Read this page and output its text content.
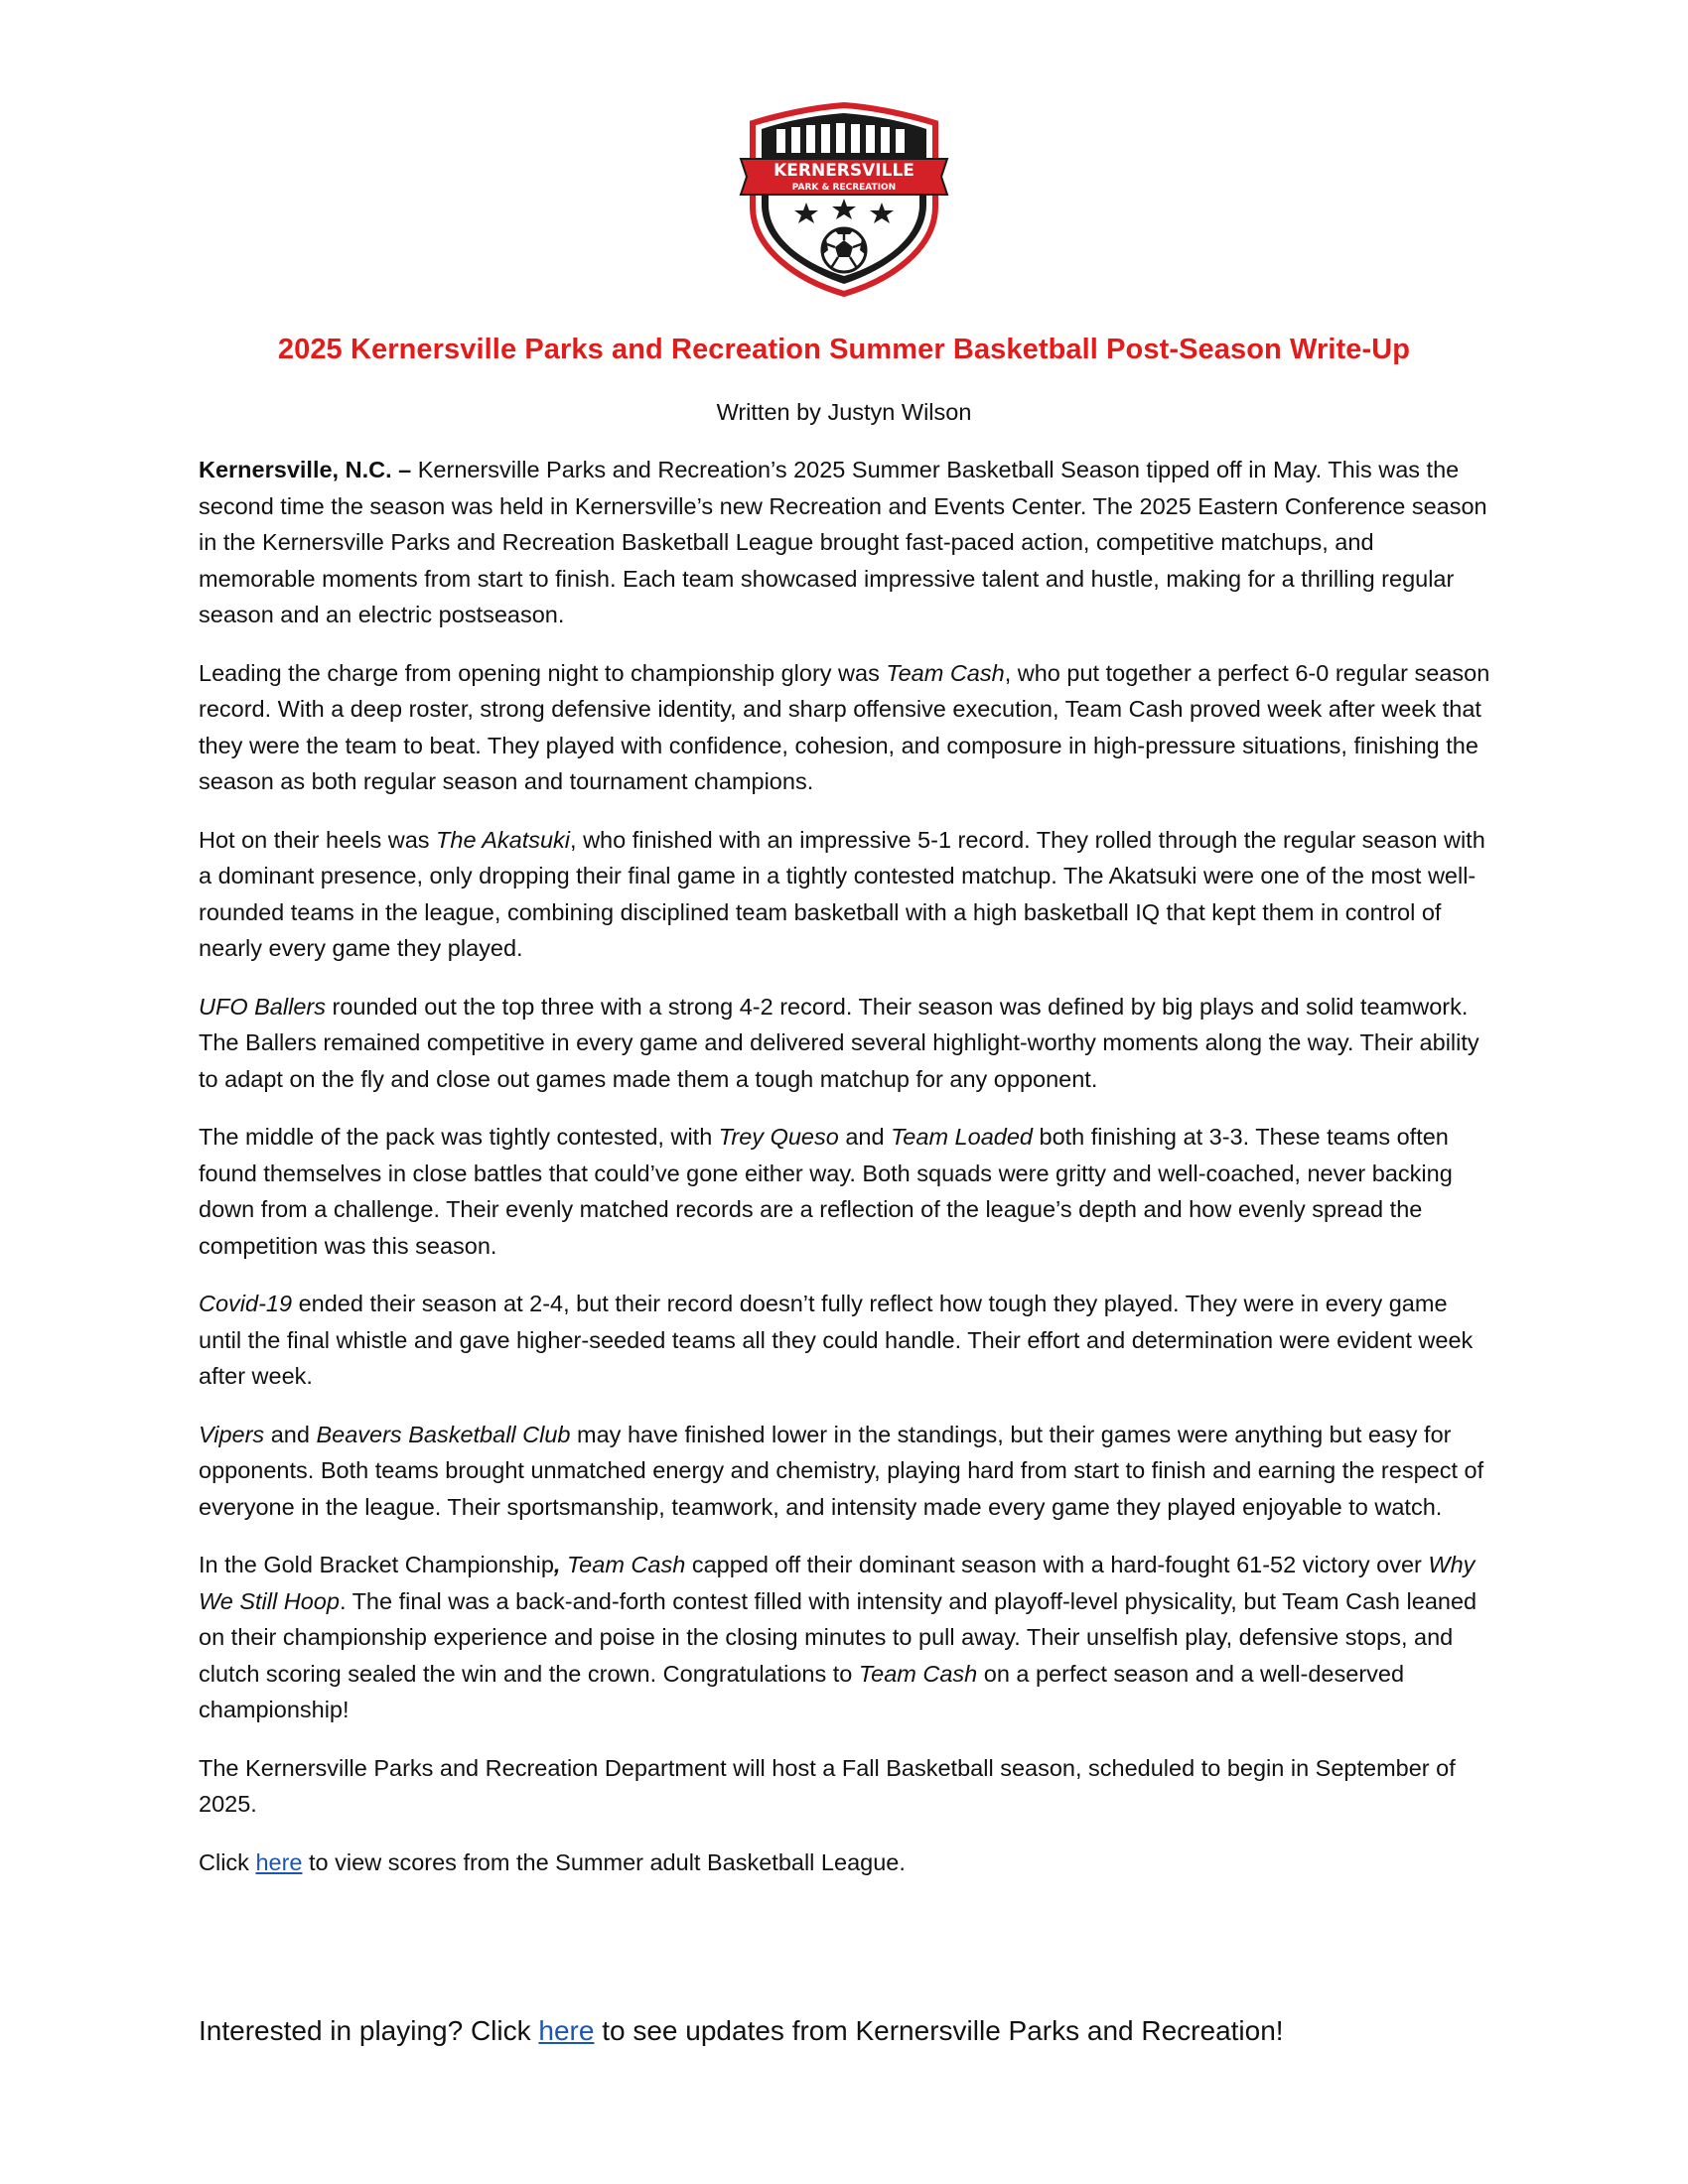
KERNERSVILLE
PARK & RECREATION
2025 Kernersville Parks and Recreation Summer Basketball Post-Season Write-Up

Written by Justyn Wilson

Kernersville, N.C. – Kernersville Parks and Recreation’s 2025 Summer Basketball Season tipped off in May. This was the second time the season was held in Kernersville’s new Recreation and Events Center. The 2025 Eastern Conference season in the Kernersville Parks and Recreation Basketball League brought fast-paced action, competitive matchups, and memorable moments from start to finish. Each team showcased impressive talent and hustle, making for a thrilling regular season and an electric postseason.

Leading the charge from opening night to championship glory was Team Cash, who put together a perfect 6-0 regular season record. With a deep roster, strong defensive identity, and sharp offensive execution, Team Cash proved week after week that they were the team to beat. They played with confidence, cohesion, and composure in high-pressure situations, finishing the season as both regular season and tournament champions.

Hot on their heels was The Akatsuki, who finished with an impressive 5-1 record. They rolled through the regular season with a dominant presence, only dropping their final game in a tightly contested matchup. The Akatsuki were one of the most well-rounded teams in the league, combining disciplined team basketball with a high basketball IQ that kept them in control of nearly every game they played.

UFO Ballers rounded out the top three with a strong 4-2 record. Their season was defined by big plays and solid teamwork. The Ballers remained competitive in every game and delivered several highlight-worthy moments along the way. Their ability to adapt on the fly and close out games made them a tough matchup for any opponent.

The middle of the pack was tightly contested, with Trey Queso and Team Loaded both finishing at 3-3. These teams often found themselves in close battles that could’ve gone either way. Both squads were gritty and well-coached, never backing down from a challenge. Their evenly matched records are a reflection of the league’s depth and how evenly spread the competition was this season.

Covid-19 ended their season at 2-4, but their record doesn’t fully reflect how tough they played. They were in every game until the final whistle and gave higher-seeded teams all they could handle. Their effort and determination were evident week after week.

Vipers and Beavers Basketball Club may have finished lower in the standings, but their games were anything but easy for opponents. Both teams brought unmatched energy and chemistry, playing hard from start to finish and earning the respect of everyone in the league. Their sportsmanship, teamwork, and intensity made every game they played enjoyable to watch.

In the Gold Bracket Championship, Team Cash capped off their dominant season with a hard-fought 61-52 victory over Why We Still Hoop. The final was a back-and-forth contest filled with intensity and playoff-level physicality, but Team Cash leaned on their championship experience and poise in the closing minutes to pull away. Their unselfish play, defensive stops, and clutch scoring sealed the win and the crown. Congratulations to Team Cash on a perfect season and a well-deserved championship!

The Kernersville Parks and Recreation Department will host a Fall Basketball season, scheduled to begin in September of 2025.

Click here to view scores from the Summer adult Basketball League.

Interested in playing? Click here to see updates from Kernersville Parks and Recreation!
